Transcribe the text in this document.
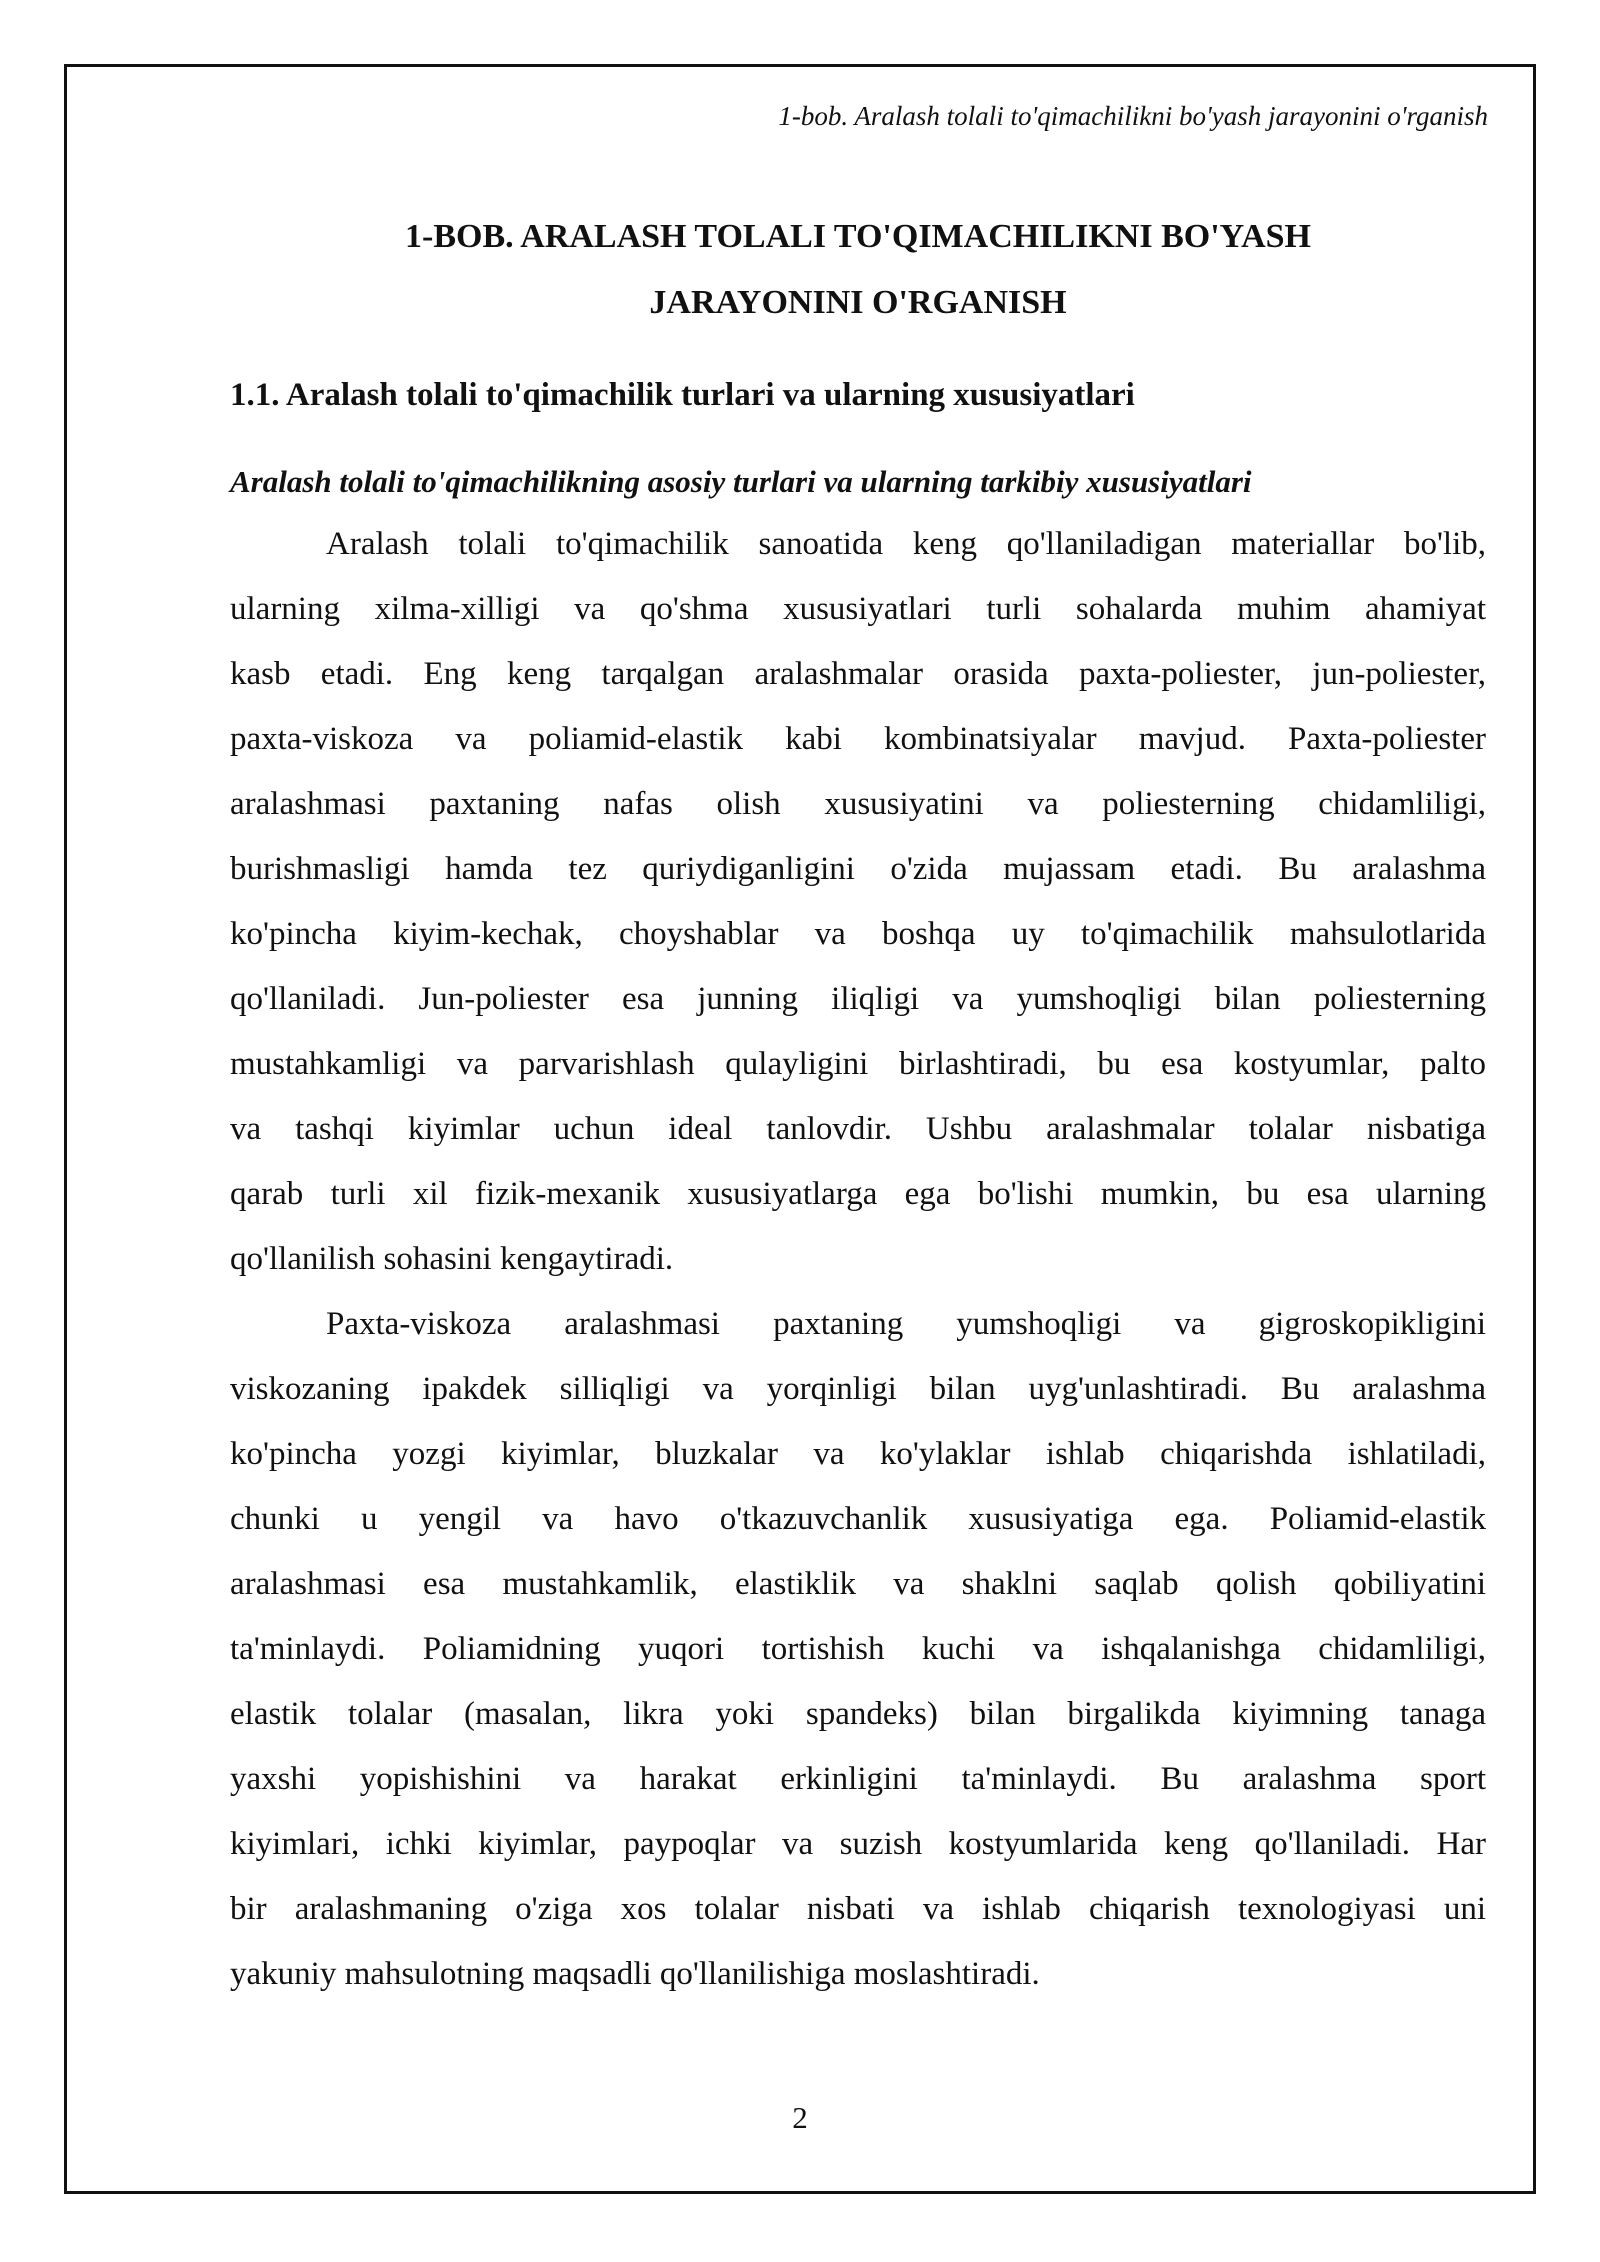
1-bob. Aralash tolali to'qimachilikni bo'yash jarayonini o'rganish
1-BOB. ARALASH TOLALI TO'QIMACHILIKNI BO'YASH
JARAYONINI O'RGANISH
1.1. Aralash tolali to'qimachilik turlari va ularning xususiyatlari
Aralash tolali to'qimachilikning asosiy turlari va ularning tarkibiy xususiyatlari

Aralash tolali to'qimachilik sanoatida keng qo'llaniladigan materiallar bo'lib,
ularning xilma-xilligi va qo'shma xususiyatlari turli sohalarda muhim ahamiyat
kasb etadi. Eng keng tarqalgan aralashmalar orasida paxta-poliester, jun-poliester,
paxta-viskoza va poliamid-elastik kabi kombinatsiyalar mavjud. Paxta-poliester
aralashmasi paxtaning nafas olish xususiyatini va poliesterning chidamliligi,
burishmasligi hamda tez quriydiganligini o'zida mujassam etadi. Bu aralashma
ko'pincha kiyim-kechak, choyshablar va boshqa uy to'qimachilik mahsulotlarida
qo'llaniladi. Jun-poliester esa junning iliqligi va yumshoqligi bilan poliesterning
mustahkamligi va parvarishlash qulayligini birlashtiradi, bu esa kostyumlar, palto
va tashqi kiyimlar uchun ideal tanlovdir. Ushbu aralashmalar tolalar nisbatiga
qarab turli xil fizik-mexanik xususiyatlarga ega bo'lishi mumkin, bu esa ularning
qo'llanilish sohasini kengaytiradi.

Paxta-viskoza aralashmasi paxtaning yumshoqligi va gigroskopikligini
viskozaning ipakdek silliqligi va yorqinligi bilan uyg'unlashtiradi. Bu aralashma
ko'pincha yozgi kiyimlar, bluzkalar va ko'ylaklar ishlab chiqarishda ishlatiladi,
chunki u yengil va havo o'tkazuvchanlik xususiyatiga ega. Poliamid-elastik
aralashmasi esa mustahkamlik, elastiklik va shaklni saqlab qolish qobiliyatini
ta'minlaydi. Poliamidning yuqori tortishish kuchi va ishqalanishga chidamliligi,
elastik tolalar (masalan, likra yoki spandeks) bilan birgalikda kiyimning tanaga
yaxshi yopishishini va harakat erkinligini ta'minlaydi. Bu aralashma sport
kiyimlari, ichki kiyimlar, paypoqlar va suzish kostyumlarida keng qo'llaniladi. Har
bir aralashmaning o'ziga xos tolalar nisbati va ishlab chiqarish texnologiyasi uni
yakuniy mahsulotning maqsadli qo'llanilishiga moslashtiradi.

2
